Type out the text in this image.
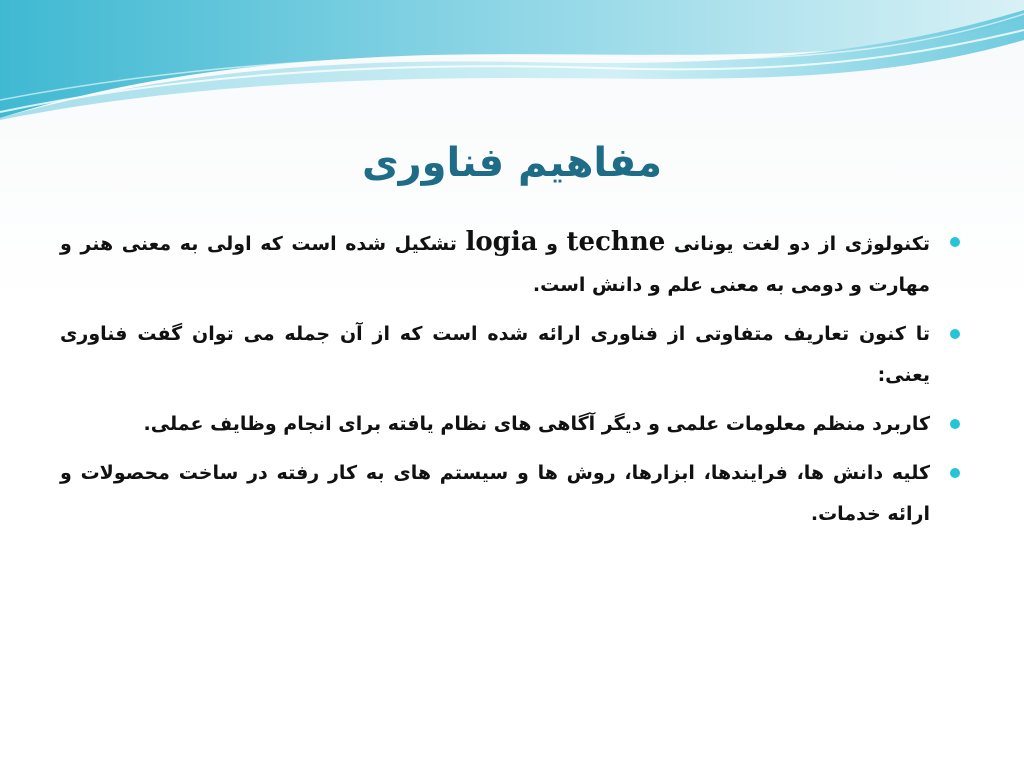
مفاهیم فناوری
تکنولوژی از دو لغت یونانی techne و logia تشکیل شده است که اولی به معنی هنر و مهارت و دومی به معنی علم و دانش است.
تا کنون تعاریف متفاوتی از فناوری ارائه شده است که از آن جمله می توان گفت فناوری یعنی:
کاربرد منظم معلومات علمی و دیگر آگاهی های نظام یافته برای انجام وظایف عملی.
کلیه دانش ها، فرایندها، ابزارها، روش ها و سیستم های به کار رفته در ساخت محصولات و ارائه خدمات.
